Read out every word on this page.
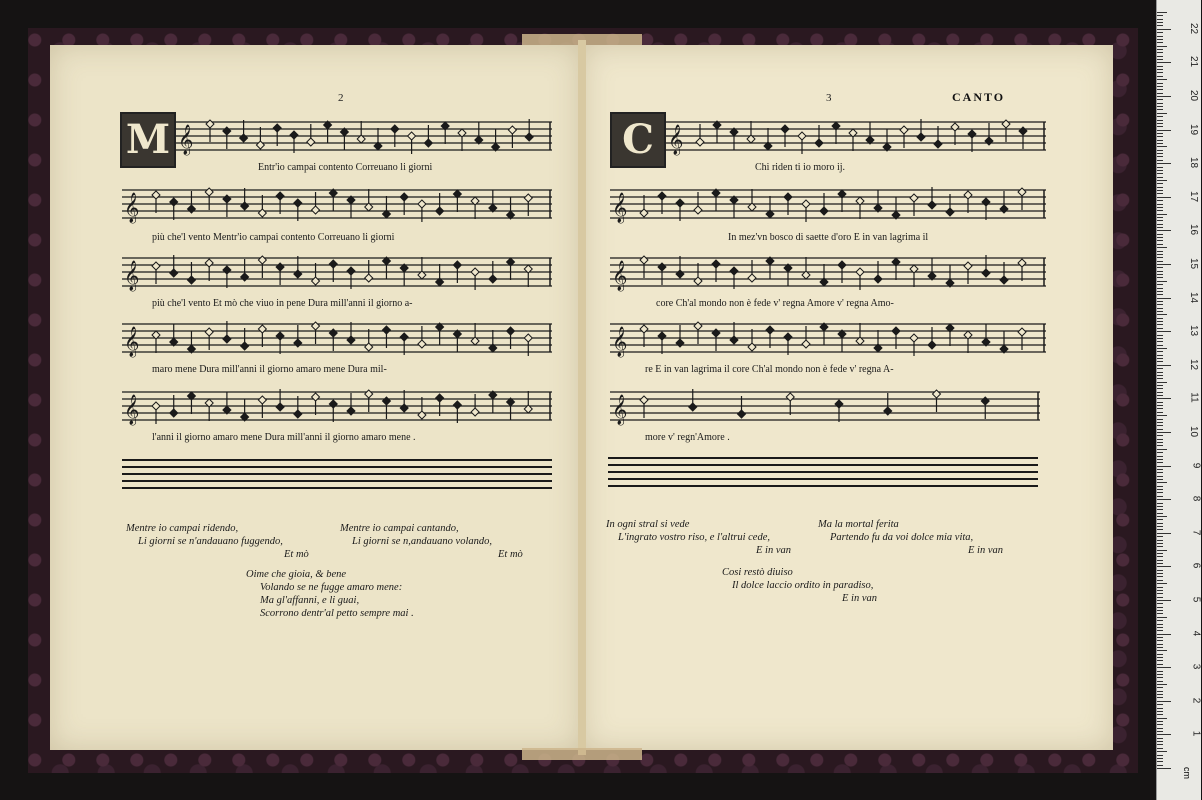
2
M
3	CANTO
C
𝄞
𝄞
𝄞
𝄞
𝄞
𝄞
𝄞
𝄞
𝄞
𝄞
Entr'io campai contento Correuano li giorni
più che'l vento Mentr'io campai contento Correuano li giorni
più che'l vento Et mò che viuo in pene Dura mill'anni il giorno a-
maro mene Dura mill'anni il giorno amaro mene Dura mil-
l'anni il giorno amaro mene Dura mill'anni il giorno amaro mene .
Chi riden ti io moro ij.
In mez'vn bosco di saette d'oro E in van lagrima il
core Ch'al mondo non è fede v' regna Amore v' regna Amo-
re E in van lagrima il core Ch'al mondo non è fede v' regna A-
more v' regn'Amore .
Mentre io campai ridendo,
Li giorni se n'andauano fuggendo,
Et mò
Mentre io campai cantando,
Li giorni se n,andauano volando,
Et mò
Oime che gioia, & bene
Volando se ne fugge amaro mene:
Ma gl'affanni, e li guai,
Scorrono dentr'al petto sempre mai .
In ogni stral si vede
L'ingrato vostro riso, e l'altrui cede,
E in van
Ma la mortal ferita
Partendo fu da voi dolce mia vita,
E in van
Cosi restò diuiso
Il dolce laccio ordito in paradiso,
E in van
cm
1
2
3
4
5
6
7
8
9
10
11
12
13
14
15
16
17
18
19
20
21
22
